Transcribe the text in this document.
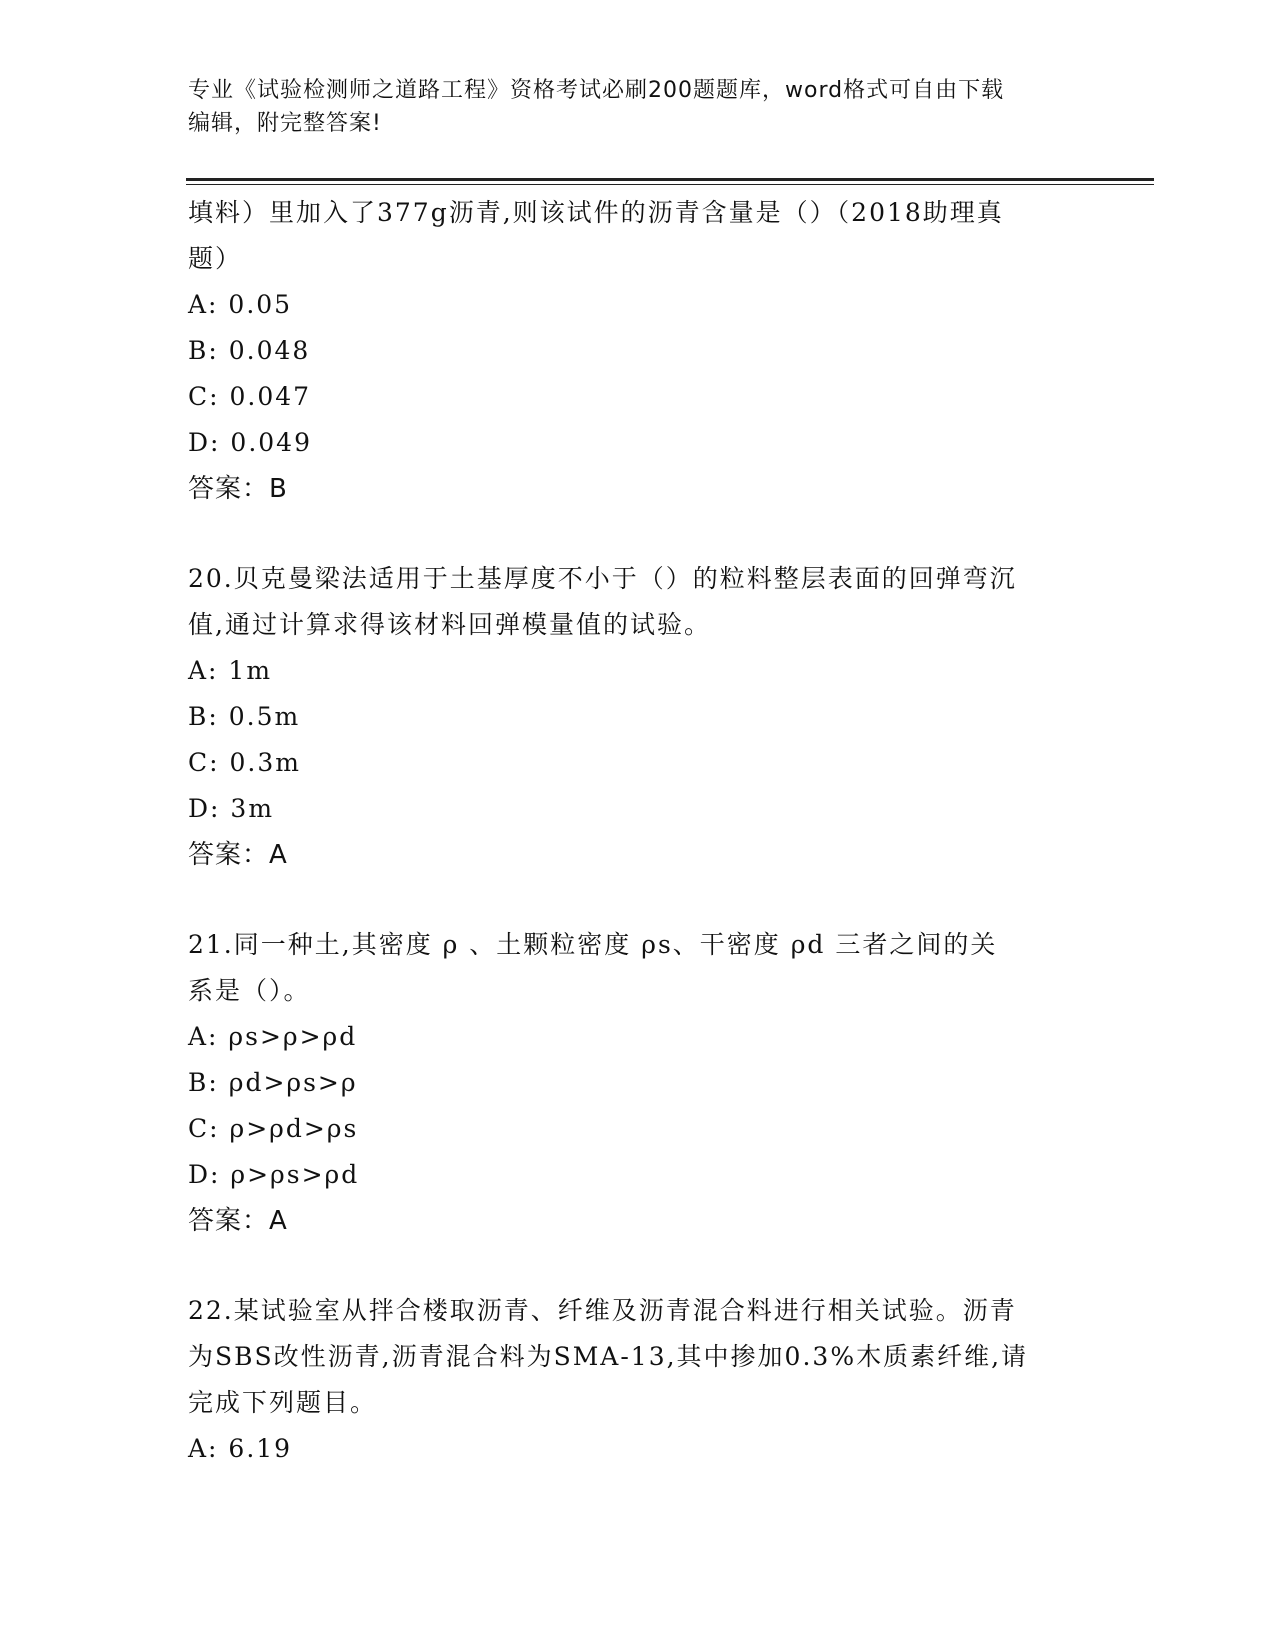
专业《试验检测师之道路工程》资格考试必刷200题题库，word格式可自由下载
编辑，附完整答案!
填料）里加入了377g沥青,则该试件的沥青含量是（）（2018助理真
题）
A: 0.05
B: 0.048
C: 0.047
D: 0.049
答案：B
20.贝克曼梁法适用于土基厚度不小于（）的粒料整层表面的回弹弯沉
值,通过计算求得该材料回弹模量值的试验。
A: 1m
B: 0.5m
C: 0.3m
D: 3m
答案：A
21.同一种土,其密度 ρ 、土颗粒密度 ρs、干密度 ρd 三者之间的关
系是（）。
A: ρs>ρ>ρd
B: ρd>ρs>ρ
C: ρ>ρd>ρs
D: ρ>ρs>ρd
答案：A
22.某试验室从拌合楼取沥青、纤维及沥青混合料进行相关试验。沥青
为SBS改性沥青,沥青混合料为SMA-13,其中掺加0.3%木质素纤维,请
完成下列题目。
A: 6.19
